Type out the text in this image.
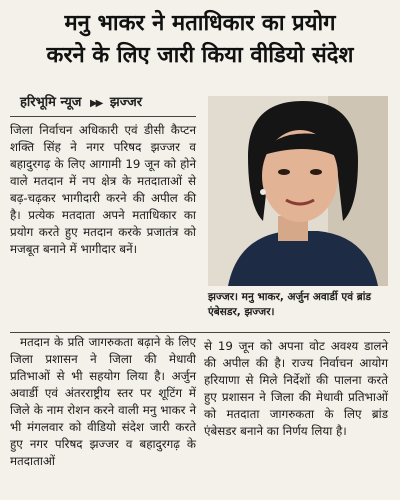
मनु भाकर ने मताधिकार का प्रयोग
करने के लिए जारी किया वीडियो संदेश
हरिभूमि न्यूज ▶▶ झज्जर

जिला निर्वाचन अधिकारी एवं डीसी कैप्टन शक्ति सिंह ने नगर परिषद झज्जर व बहादुरगढ़ के लिए आगामी 19 जून को होने वाले मतदान में नप क्षेत्र के मतदाताओं से बढ़-चढ़कर भागीदारी करने की अपील की है। प्रत्येक मतदाता अपने मताधिकार का प्रयोग करते हुए मतदान करके प्रजातंत्र को मजबूत बनाने में भागीदार बनें।

मतदान के प्रति जागरुकता बढ़ाने के लिए जिला प्रशासन ने जिला की मेधावी प्रतिभाओं से भी सहयोग लिया है। अर्जुन अवार्डी एवं अंतरराष्ट्रीय स्तर पर शूटिंग में जिले के नाम रोशन करने वाली मनु भाकर ने भी मंगलवार को वीडियो संदेश जारी करते हुए नगर परिषद झज्जर व बहादुरगढ़ के मतदाताओं

झज्जर। मनु भाकर, अर्जुन अवार्डी एवं ब्रांड एंबेसडर, झज्जर।

से 19 जून को अपना वोट अवश्य डालने की अपील की है। राज्य निर्वाचन आयोग हरियाणा से मिले निर्देशों की पालना करते हुए प्रशासन ने जिला की मेधावी प्रतिभाओं को मतदाता जागरुकता के लिए ब्रांड एंबेसडर बनाने का निर्णय लिया है।
